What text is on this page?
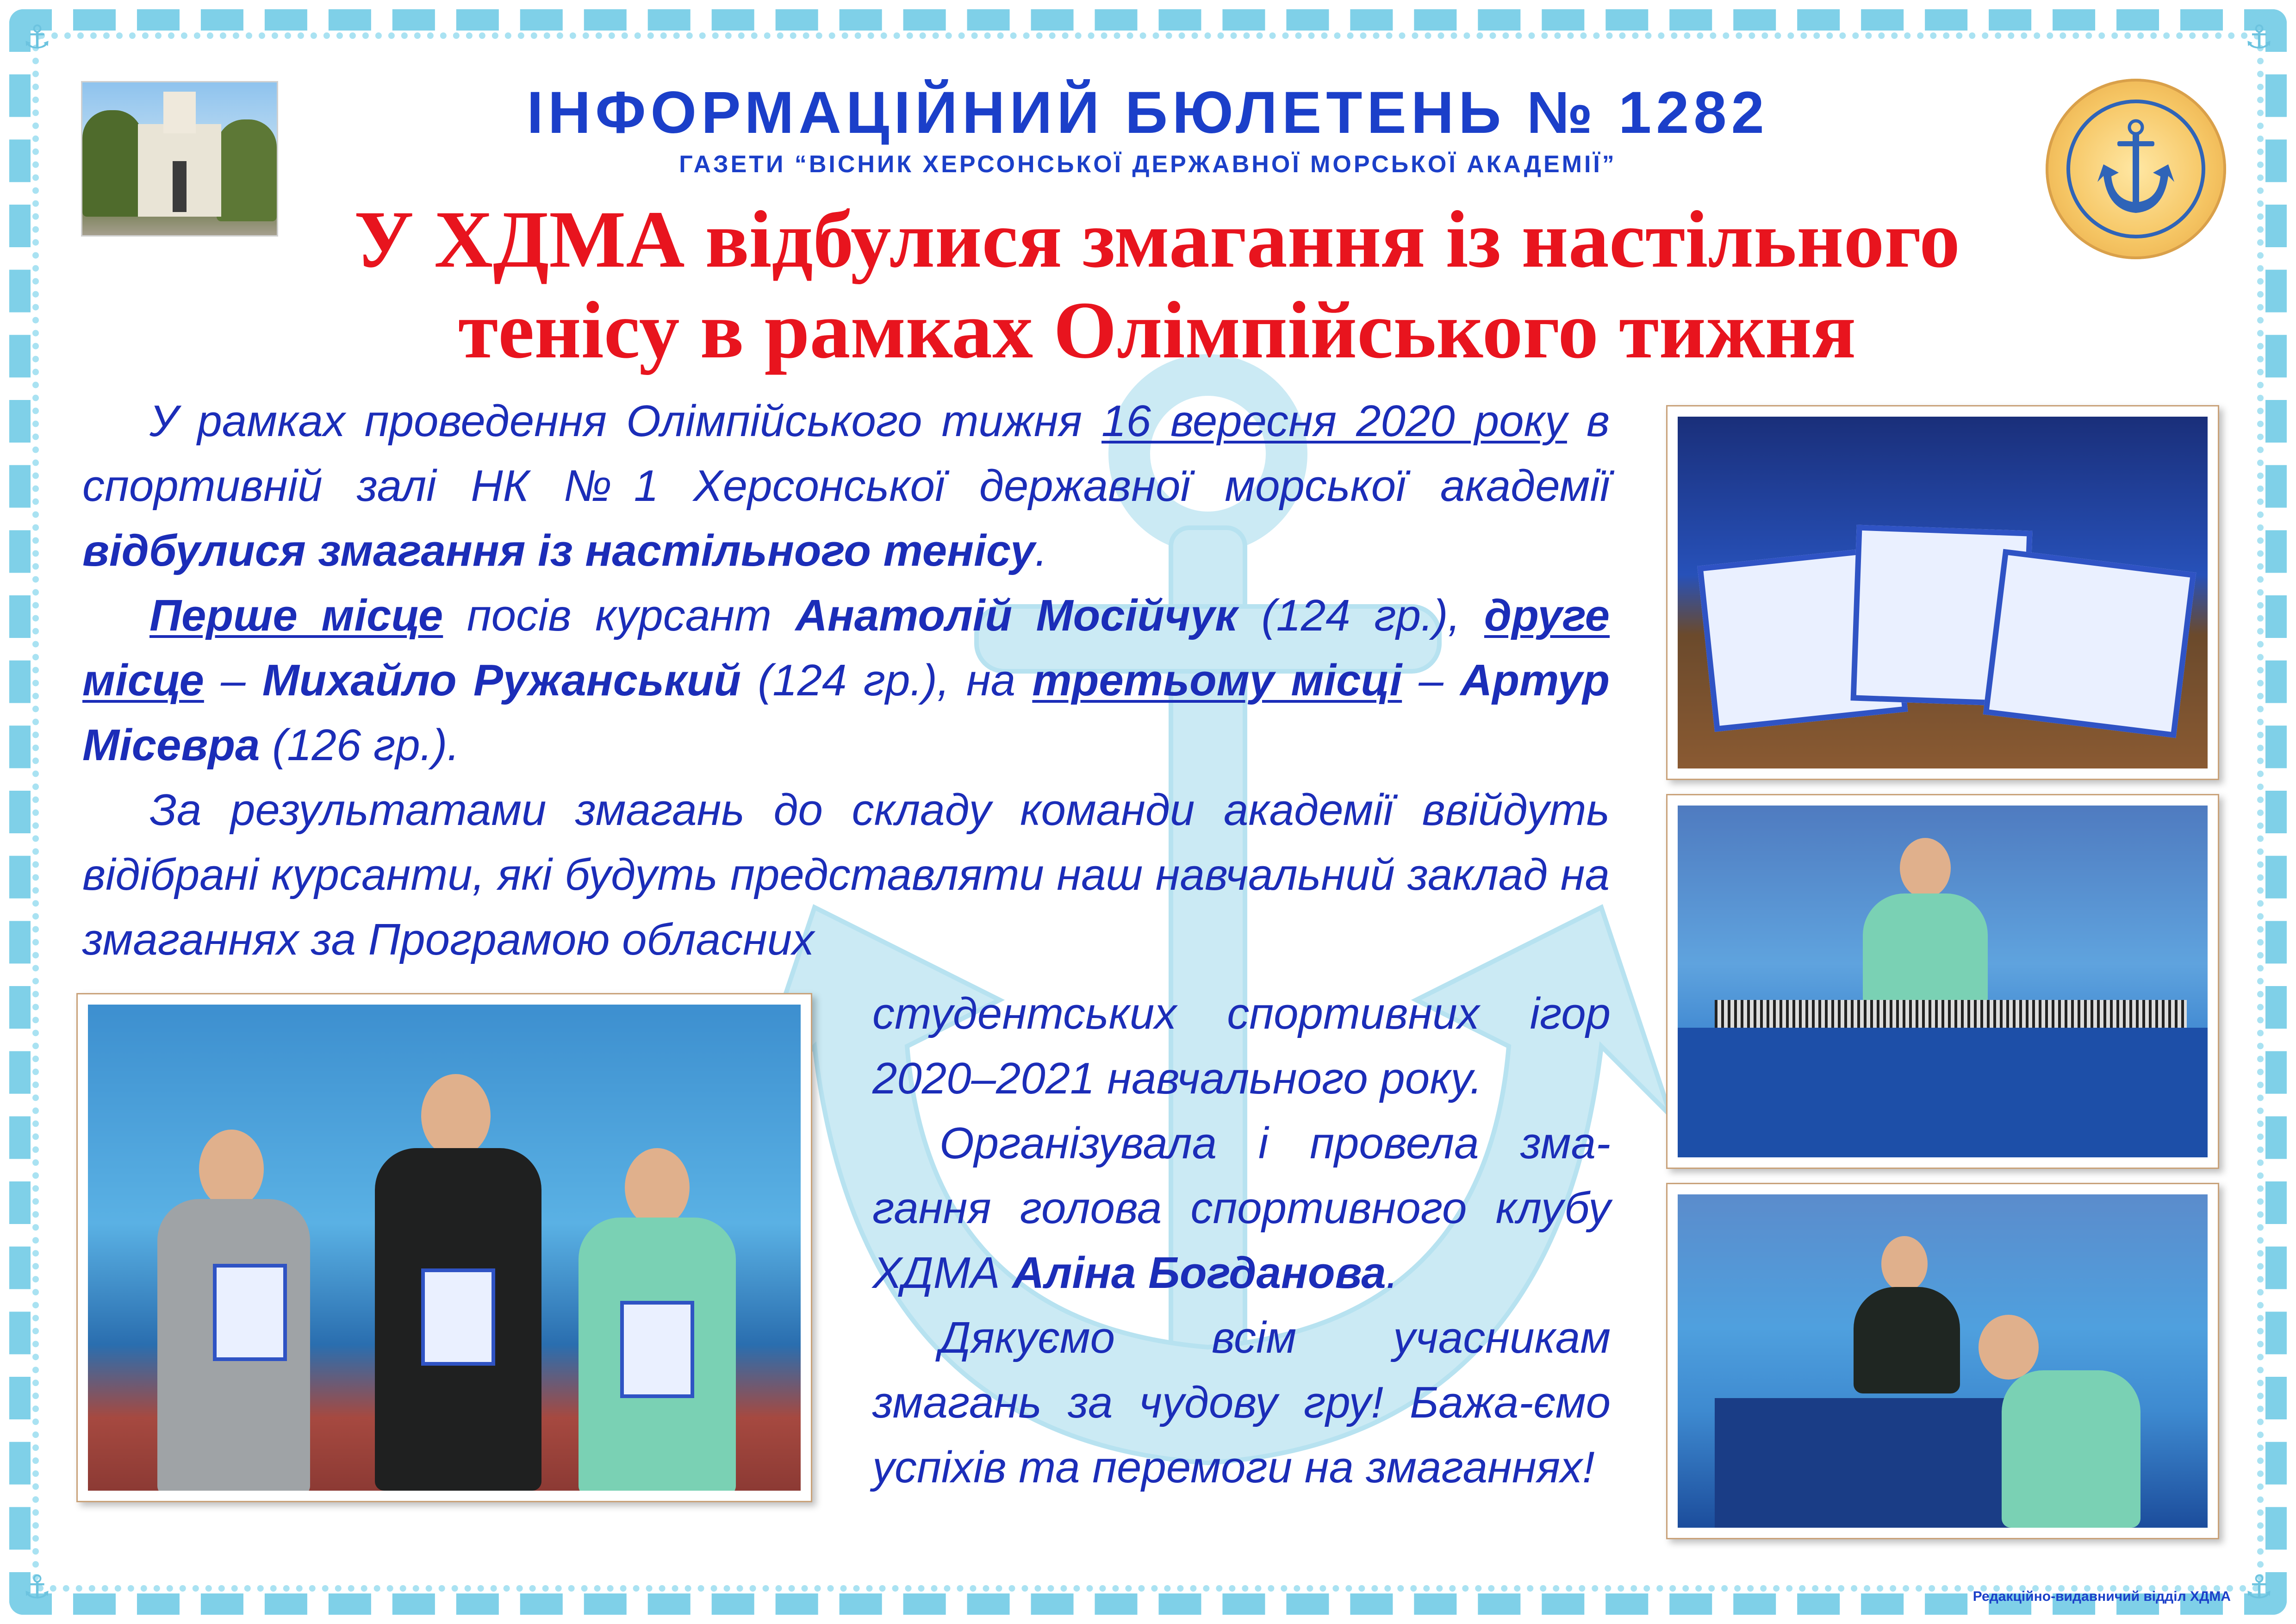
⚓	⚓
⚓	⚓
ІНФОРМАЦІЙНИЙ БЮЛЕТЕНЬ № 1282
ГАЗЕТИ “ВІСНИК ХЕРСОНСЬКОЇ ДЕРЖАВНОЇ МОРСЬКОЇ АКАДЕМІЇ”
У ХДМА відбулися змагання із настільного
тенісу в рамках Олімпійського тижня

У рамках проведення Олімпійського тижня 16 вересня 2020 року в спортивній залі НК №1 Херсонської державної морської академії відбулися змагання із настільного тенісу.

Перше місце посів курсант Анатолій Мосійчук (124 гр.), друге місце – Михайло Ружанський (124 гр.), на третьому місці – Артур Місевра (126 гр.).

За результатами змагань до складу команди академії ввійдуть відібрані курсанти, які будуть представляти наш навчальний заклад на змаганнях за Програмою обласних

студентських спортивних ігор 2020–2021 навчального року.

Організувала і провела зма-гання голова спортивного клубу ХДМА Аліна Богданова.

Дякуємо всім учасникам змагань за чудову гру! Бажа-ємо успіхів та перемоги на змаганнях!

Редакційно-видавничий відділ ХДМА
